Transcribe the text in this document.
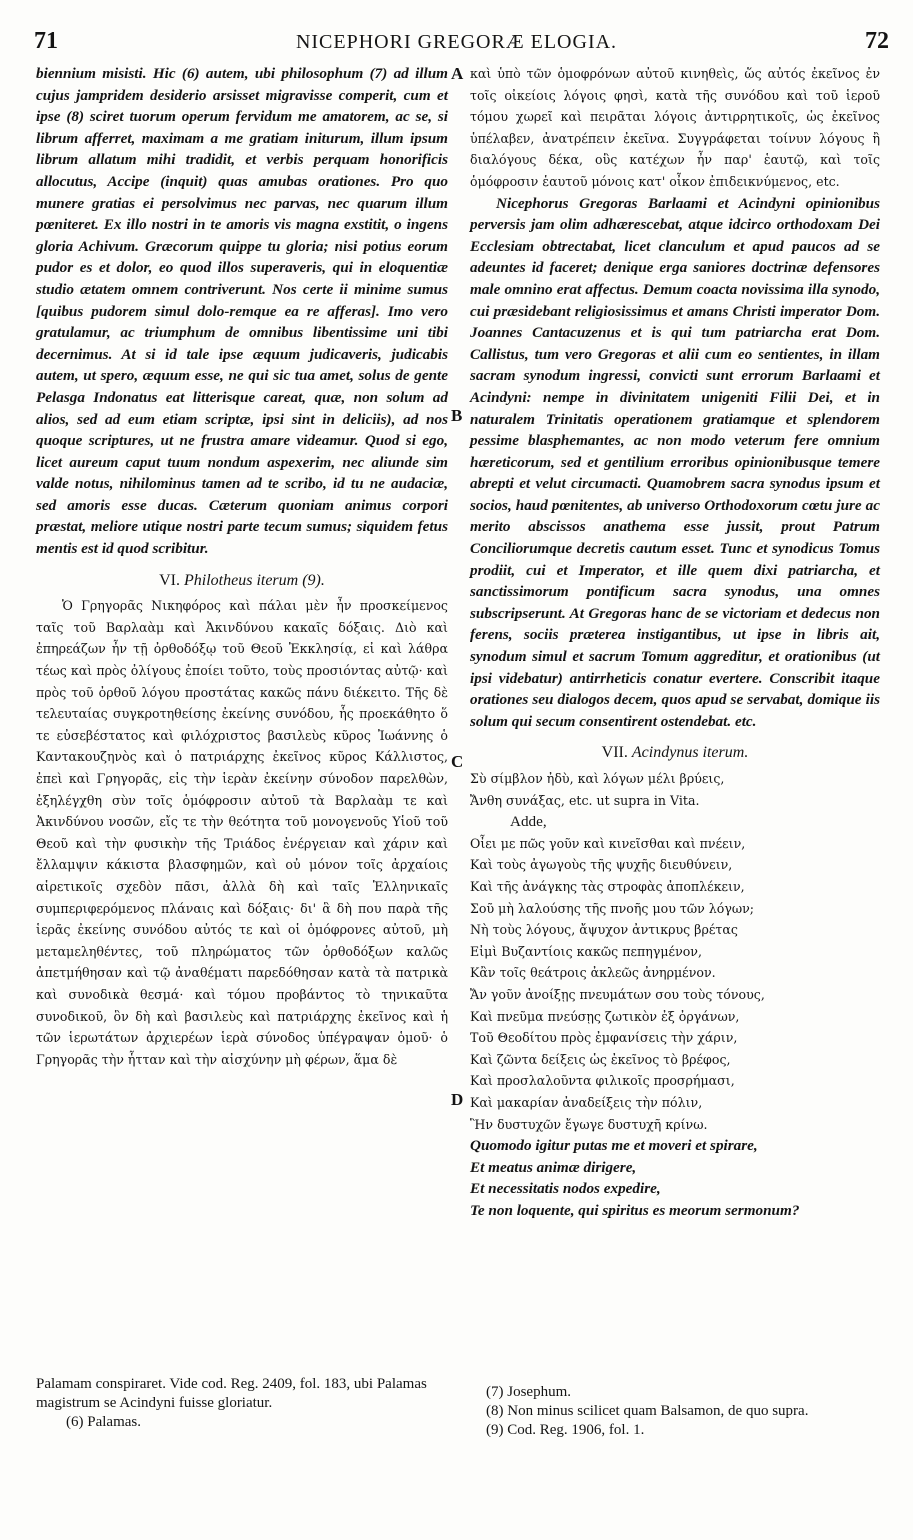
71	NICEPHORI GREGORÆ ELOGIA.	72
A
B
C
D

biennium misisti. Hic (6) autem, ubi philosophum (7) ad illum cujus jampridem desiderio arsisset migravisse comperit, cum et ipse (8) sciret tuorum operum fervidum me amatorem, ac se, si librum afferret, maximam a me gratiam initurum, illum ipsum librum allatum mihi tradidit, et verbis perquam honorificis allocutus, Accipe (inquit) quas amubas orationes. Pro quo munere gratias ei persolvimus nec parvas, nec quarum illum pœniteret. Ex illo nostri in te amoris vis magna exstitit, o ingens gloria Achivum. Græcorum quippe tu gloria; nisi potius eorum pudor es et dolor, eo quod illos superaveris, qui in eloquentiæ studio ætatem omnem contriverunt. Nos certe ii minime sumus [quibus pudorem simul dolo-remque ea re afferas]. Imo vero gratulamur, ac triumphum de omnibus libentissime uni tibi decernimus. At si id tale ipse æquum judicaveris, judicabis autem, ut spero, æquum esse, ne qui sic tua amet, solus de gente Pelasga Indonatus eat litterisque careat, quæ, non solum ad alios, sed ad eum etiam scriptæ, ipsi sint in deliciis), ad nos quoque scriptures, ut ne frustra amare videamur. Quod si ego, licet aureum caput tuum nondum aspexerim, nec aliunde sim valde notus, nihilominus tamen ad te scribo, id tu ne audaciæ, sed amoris esse ducas. Cæterum quoniam animus corpori præstat, meliore utique nostri parte tecum sumus; siquidem fetus mentis est id quod scribitur.

VI. Philotheus iterum (9).

Ὁ Γρηγορᾶς Νικηφόρος καὶ πάλαι μὲν ἦν προσκείμενος ταῖς τοῦ Βαρλαὰμ καὶ Ἀκινδύνου κακαῖς δόξαις. Διὸ καὶ ἐπηρεάζων ἦν τῇ ὀρθοδόξῳ τοῦ Θεοῦ Ἐκκλησίᾳ, εἰ καὶ λάθρα τέως καὶ πρὸς ὀλίγους ἐποίει τοῦτο, τοὺς προσιόντας αὐτῷ· καὶ πρὸς τοῦ ὀρθοῦ λόγου προστάτας κακῶς πάνυ διέκειτο. Τῆς δὲ τελευταίας συγκροτηθείσης ἐκείνης συνόδου, ἧς προεκάθητο ὅ τε εὐσεβέστατος καὶ φιλόχριστος βασιλεὺς κῦρος Ἰωάννης ὁ Καντακουζηνὸς καὶ ὁ πατριάρχης ἐκεῖνος κῦρος Κάλλιστος, ἐπεὶ καὶ Γρηγορᾶς, εἰς τὴν ἱερὰν ἐκείνην σύνοδον παρελθὼν, ἐξηλέγχθη σὺν τοῖς ὁμόφροσιν αὐτοῦ τὰ Βαρλαὰμ τε καὶ Ἀκινδύνου νοσῶν, εἴς τε τὴν θεότητα τοῦ μονογενοῦς Υἱοῦ τοῦ Θεοῦ καὶ τὴν φυσικὴν τῆς Τριάδος ἐνέργειαν καὶ χάριν καὶ ἔλλαμψιν κάκιστα βλασφημῶν, καὶ οὐ μόνον τοῖς ἀρχαίοις αἱρετικοῖς σχεδὸν πᾶσι, ἀλλὰ δὴ καὶ ταῖς Ἑλληνικαῖς συμπεριφερόμενος πλάναις καὶ δόξαις· δι' ἃ δὴ που παρὰ τῆς ἱερᾶς ἐκείνης συνόδου αὐτός τε καὶ οἱ ὁμόφρονες αὐτοῦ, μὴ μεταμεληθέντες, τοῦ πληρώματος τῶν ὀρθοδόξων καλῶς ἀπετμήθησαν καὶ τῷ ἀναθέματι παρεδόθησαν κατὰ τὰ πατρικὰ καὶ συνοδικὰ θεσμά· καὶ τόμου προβάντος τὸ τηνικαῦτα συνοδικοῦ, ὃν δὴ καὶ βασιλεὺς καὶ πατριάρχης ἐκεῖνος καὶ ἡ τῶν ἱερωτάτων ἀρχιερέων ἱερὰ σύνοδος ὑπέγραψαν ὁμοῦ· ὁ Γρηγορᾶς τὴν ἧτταν καὶ τὴν αἰσχύνην μὴ φέρων, ἅμα δὲ

καὶ ὑπὸ τῶν ὁμοφρόνων αὐτοῦ κινηθεὶς, ὥς αὐτός ἐκεῖνος ἐν τοῖς οἰκείοις λόγοις φησὶ, κατὰ τῆς συνόδου καὶ τοῦ ἱεροῦ τόμου χωρεῖ καὶ πειρᾶται λόγοις ἀντιρρητικοῖς, ὡς ἐκεῖνος ὑπέλαβεν, ἀνατρέπειν ἐκεῖνα. Συγγράφεται τοίνυν λόγους ἢ διαλόγους δέκα, οὓς κατέχων ἦν παρ' ἑαυτῷ, καὶ τοῖς ὁμόφροσιν ἑαυτοῦ μόνοις κατ' οἶκον ἐπιδεικνύμενος, etc.

Nicephorus Gregoras Barlaami et Acindyni opinionibus perversis jam olim adhærescebat, atque idcirco orthodoxam Dei Ecclesiam obtrectabat, licet clanculum et apud paucos ad se adeuntes id faceret; denique erga saniores doctrinæ defensores male omnino erat affectus. Demum coacta novissima illa synodo, cui præsidebant religiosissimus et amans Christi imperator Dom. Joannes Cantacuzenus et is qui tum patriarcha erat Dom. Callistus, tum vero Gregoras et alii cum eo sentientes, in illam sacram synodum ingressi, convicti sunt errorum Barlaami et Acindyni: nempe in divinitatem unigeniti Filii Dei, et in naturalem Trinitatis operationem gratiamque et splendorem pessime blasphemantes, ac non modo veterum fere omnium hæreticorum, sed et gentilium erroribus opinionibusque temere abrepti et velut circumacti. Quamobrem sacra synodus ipsum et socios, haud pœnitentes, ab universo Orthodoxorum cœtu jure ac merito abscissos anathema esse jussit, prout Patrum Conciliorumque decretis cautum esset. Tunc et synodicus Tomus prodiit, cui et Imperator, et ille quem dixi patriarcha, et sanctissimorum pontificum sacra synodus, una omnes subscripserunt. At Gregoras hanc de se victoriam et dedecus non ferens, sociis præterea instigantibus, ut ipse in libris ait, synodum simul et sacrum Tomum aggreditur, et orationibus (ut ipsi videbatur) antirrheticis conatur evertere. Conscribit itaque orationes seu dialogos decem, quos apud se servabat, domique iis solum qui secum consentirent ostendebat. etc.

VII. Acindynus iterum.

Σὺ σίμβλον ἠδὺ, καὶ λόγων μέλι βρύεις,
Ἄνθη συνάξας, etc. ut supra in Vita.

Adde,

Οἶει με πῶς γοῦν καὶ κινεῖσθαι καὶ πνέειν,
Καὶ τοὺς ἀγωγοὺς τῆς ψυχῆς διευθύνειν,
Καὶ τῆς ἀνάγκης τὰς στροφὰς ἀποπλέκειν,
Σοῦ μὴ λαλούσης τῆς πνοῆς μου τῶν λόγων;
Νὴ τοὺς λόγους, ἄψυχον ἀντικρυς βρέτας
Εἰμὶ Βυζαντίοις κακῶς πεπηγμένον,
Κἂν τοῖς θεάτροις ἀκλεῶς ἀνηρμένον.
Ἄν γοῦν ἀνοίξῃς πνευμάτων σου τοὺς τόνους,
Καὶ πνεῦμα πνεύσῃς ζωτικὸν ἐξ ὀργάνων,
Τοῦ Θεοδίτου πρὸς ἐμφανίσεις τὴν χάριν,
Καὶ ζῶντα δείξεις ὡς ἐκεῖνος τὸ βρέφος,
Καὶ προσλαλοῦντα φιλικοῖς προσρήμασι,
Καὶ μακαρίαν ἀναδείξεις τὴν πόλιν,
Ἣν δυστυχῶν ἔγωγε δυστυχῆ κρίνω.

Quomodo igitur putas me et moveri et spirare,
Et meatus animæ dirigere,
Et necessitatis nodos expedire,
Te non loquente, qui spiritus es meorum sermonum?

Palamam conspiraret. Vide cod. Reg. 2409, fol. 183, ubi Palamas magistrum se Acindyni fuisse gloriatur.

(6) Palamas.

(7) Josephum.

(8) Non minus scilicet quam Balsamon, de quo supra.

(9) Cod. Reg. 1906, fol. 1.
